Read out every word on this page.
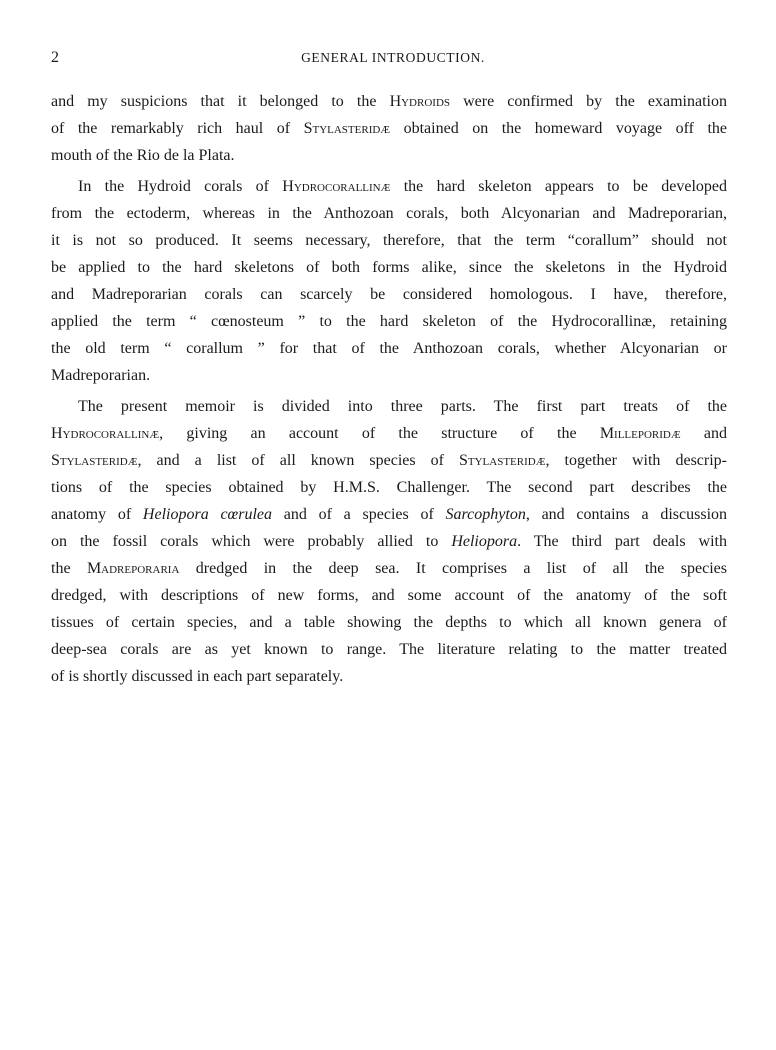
2	GENERAL INTRODUCTION.
and my suspicions that it belonged to the Hydroids were confirmed by the examination
of the remarkably rich haul of Stylasteridæ obtained on the homeward voyage off the
mouth of the Rio de la Plata.
In the Hydroid corals of Hydrocorallinæ the hard skeleton appears to be developed
from the ectoderm, whereas in the Anthozoan corals, both Alcyonarian and Madreporarian,
it is not so produced. It seems necessary, therefore, that the term “corallum” should not
be applied to the hard skeletons of both forms alike, since the skeletons in the Hydroid
and Madreporarian corals can scarcely be considered homologous. I have, therefore,
applied the term “ cœnosteum ” to the hard skeleton of the Hydrocorallinæ, retaining
the old term “ corallum ” for that of the Anthozoan corals, whether Alcyonarian or
Madreporarian.
The present memoir is divided into three parts. The first part treats of the
Hydrocorallinæ, giving an account of the structure of the Milleporidæ and
Stylasteridæ, and a list of all known species of Stylasteridæ, together with descrip-
tions of the species obtained by H.M.S. Challenger. The second part describes the
anatomy of Heliopora cœrulea and of a species of Sarcophyton, and contains a discussion
on the fossil corals which were probably allied to Heliopora. The third part deals with
the Madreporaria dredged in the deep sea. It comprises a list of all the species
dredged, with descriptions of new forms, and some account of the anatomy of the soft
tissues of certain species, and a table showing the depths to which all known genera of
deep-sea corals are as yet known to range. The literature relating to the matter treated
of is shortly discussed in each part separately.
